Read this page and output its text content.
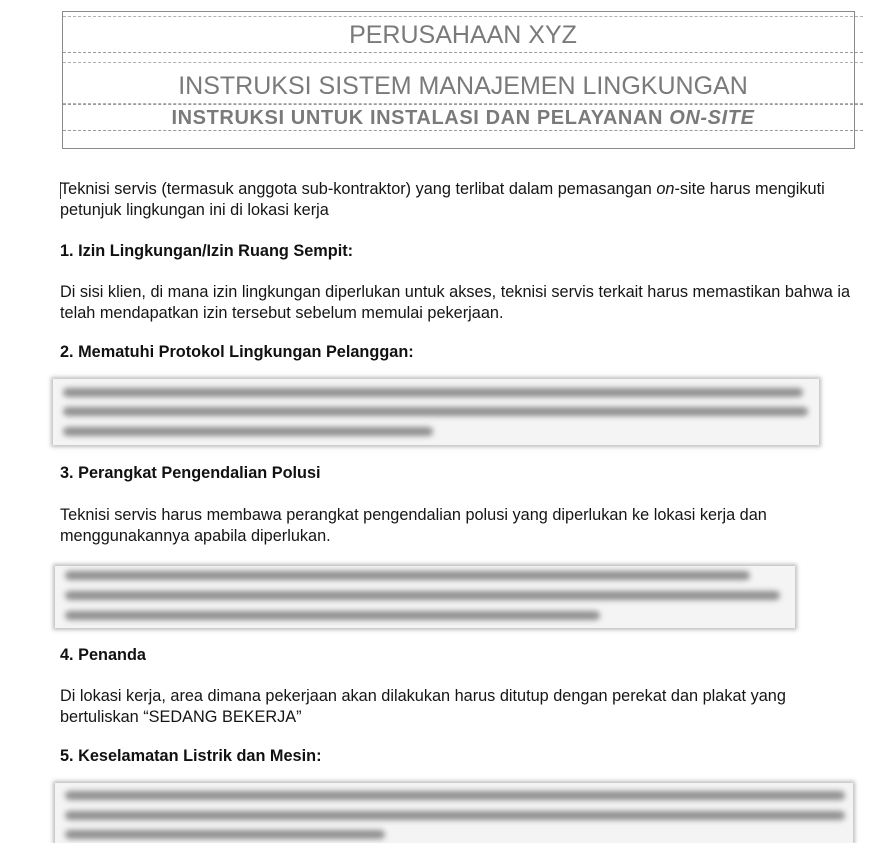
PERUSAHAAN XYZ
INSTRUKSI SISTEM MANAJEMEN LINGKUNGAN
INSTRUKSI UNTUK INSTALASI DAN PELAYANAN ON-SITE
Teknisi servis (termasuk anggota sub-kontraktor) yang terlibat dalam pemasangan on-site harus mengikuti petunjuk lingkungan ini di lokasi kerja
1. Izin Lingkungan/Izin Ruang Sempit:
Di sisi klien, di mana izin lingkungan diperlukan untuk akses, teknisi servis terkait harus memastikan bahwa ia telah mendapatkan izin tersebut sebelum memulai pekerjaan.
2. Mematuhi Protokol Lingkungan Pelanggan:
3. Perangkat Pengendalian Polusi
Teknisi servis harus membawa perangkat pengendalian polusi yang diperlukan ke lokasi kerja dan menggunakannya apabila diperlukan.
4. Penanda
Di lokasi kerja, area dimana pekerjaan akan dilakukan harus ditutup dengan perekat dan plakat yang bertuliskan “SEDANG BEKERJA”
5. Keselamatan Listrik dan Mesin:
